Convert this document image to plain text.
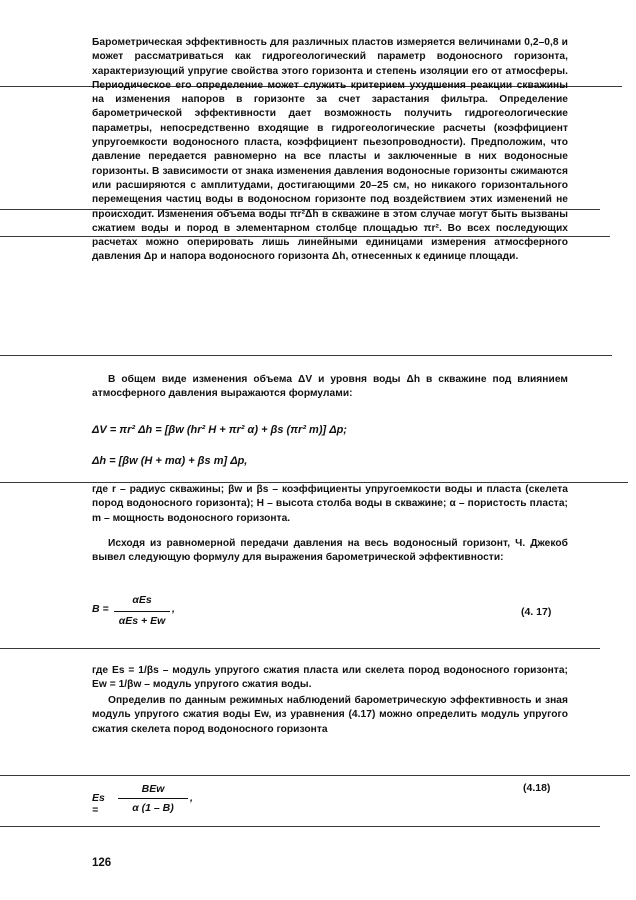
Барометрическая эффективность для различных пластов измеряется величинами 0,2–0,8 и может рассматриваться как гидрогеологический параметр водоносного горизонта, характеризующий упругие свойства этого горизонта и степень изоляции его от атмосферы. Периодическое его определение может служить критерием ухудшения реакции скважины на изменения напоров в горизонте за счет зарастания фильтра. Определение барометрической эффективности дает возможность получить гидрогеологические параметры, непосредственно входящие в гидрогеологические расчеты (коэффициент упругоемкости водоносного пласта, коэффициент пьезопроводности). Предположим, что давление передается равномерно на все пласты и заключенные в них водоносные горизонты. В зависимости от знака изменения давления водоносные горизонты сжимаются или расширяются с амплитудами, достигающими 20–25 см, но никакого горизонтального перемещения частиц воды в водоносном горизонте под воздействием этих изменений не происходит. Изменения объема воды πr²Δh в скважине в этом случае могут быть вызваны сжатием воды и пород в элементарном столбце площадью πr². Во всех последующих расчетах можно оперировать лишь линейными единицами измерения атмосферного давления Δp и напора водоносного горизонта Δh, отнесенных к единице площади.
В общем виде изменения объема ΔV и уровня воды Δh в скважине под влиянием атмосферного давления выражаются формулами:
ΔV = πr² Δh = [βw (hr² H + πr² α) + βs (πr² m)] Δp;
Δh = [βw (H + mα) + βs m] Δp,
где r – радиус скважины; βw и βs – коэффициенты упругоемкости воды и пласта (скелета пород водоносного горизонта); H – высота столба воды в скважине; α – пористость пласта; m – мощность водоносного горизонта.
Исходя из равномерной передачи давления на весь водоносный горизонт, Ч. Джекоб вывел следующую формулу для выражения барометрической эффективности:
B =
αEs
αEs + Ew
,	(4. 17)
где Es = 1/βs – модуль упругого сжатия пласта или скелета пород водоносного горизонта; Ew = 1/βw – модуль упругого сжатия воды.
Определив по данным режимных наблюдений барометрическую эффективность и зная модуль упругого сжатия воды Ew, из уравнения (4.17) можно определить модуль упругого сжатия скелета пород водоносного горизонта
Es =
BEw
α (1 – B)
,
(4.18)
126
